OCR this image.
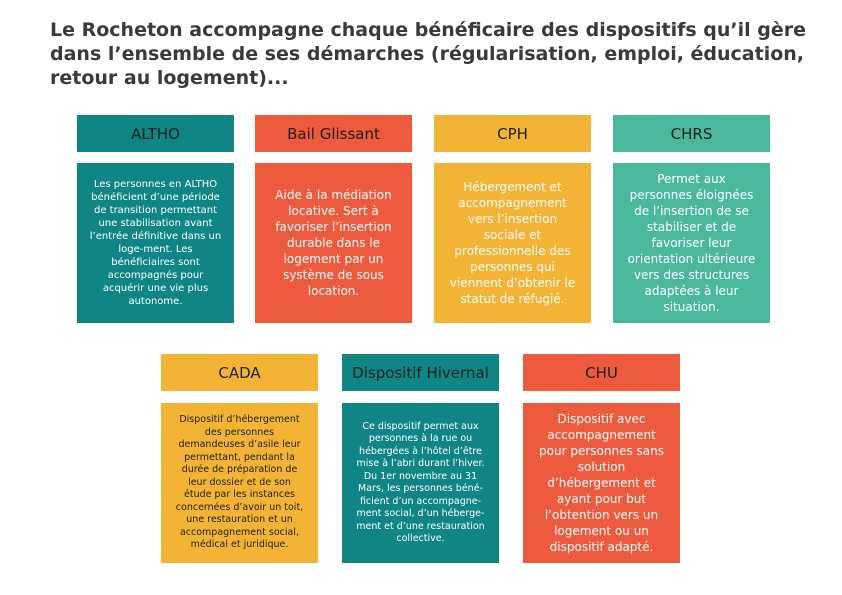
Le Rocheton accompagne chaque bénéficaire des dispositifs qu’il gère dans l’ensemble de ses démarches (régularisation, emploi, éducation, retour au logement)...
ALTHO
Les personnes en ALTHO bénéficient d’une période de transition permettant une stabilisation avant l’entrée définitive dans un loge-ment. Les bénéficiaires sont accompagnés pour acquérir une vie plus autonome.
Bail Glissant
Aide à la médiation locative. Sert à favoriser l’insertion durable dans le logement par un système de sous location.
CPH
Hébergement et accompagnement vers l’insertion sociale et professionnelle des personnes qui viennent d’obtenir le statut de réfugié.
CHRS
Permet aux personnes éloignées de l’insertion de se stabiliser et de favoriser leur orientation ultérieure vers des structures adaptées à leur situation.
CADA
Dispositif d’hébergement des personnes demandeuses d’asile leur permettant, pendant la durée de préparation de leur dossier et de son étude par les instances concernées d’avoir un toit, une restauration et un accompagnement social, médical et juridique.
Dispositif Hivernal
Ce dispositif permet aux personnes à la rue ou hébergées à l’hôtel d’être mise à l’abri durant l’hiver. Du 1er novembre au 31 Mars, les personnes béné-ficient d’un accompagne-ment social, d’un héberge-ment et d’une restauration collective.
CHU
Dispositif avec accompagnement pour personnes sans solution d’hébergement et ayant pour but l’obtention vers un logement ou un dispositif adapté.
